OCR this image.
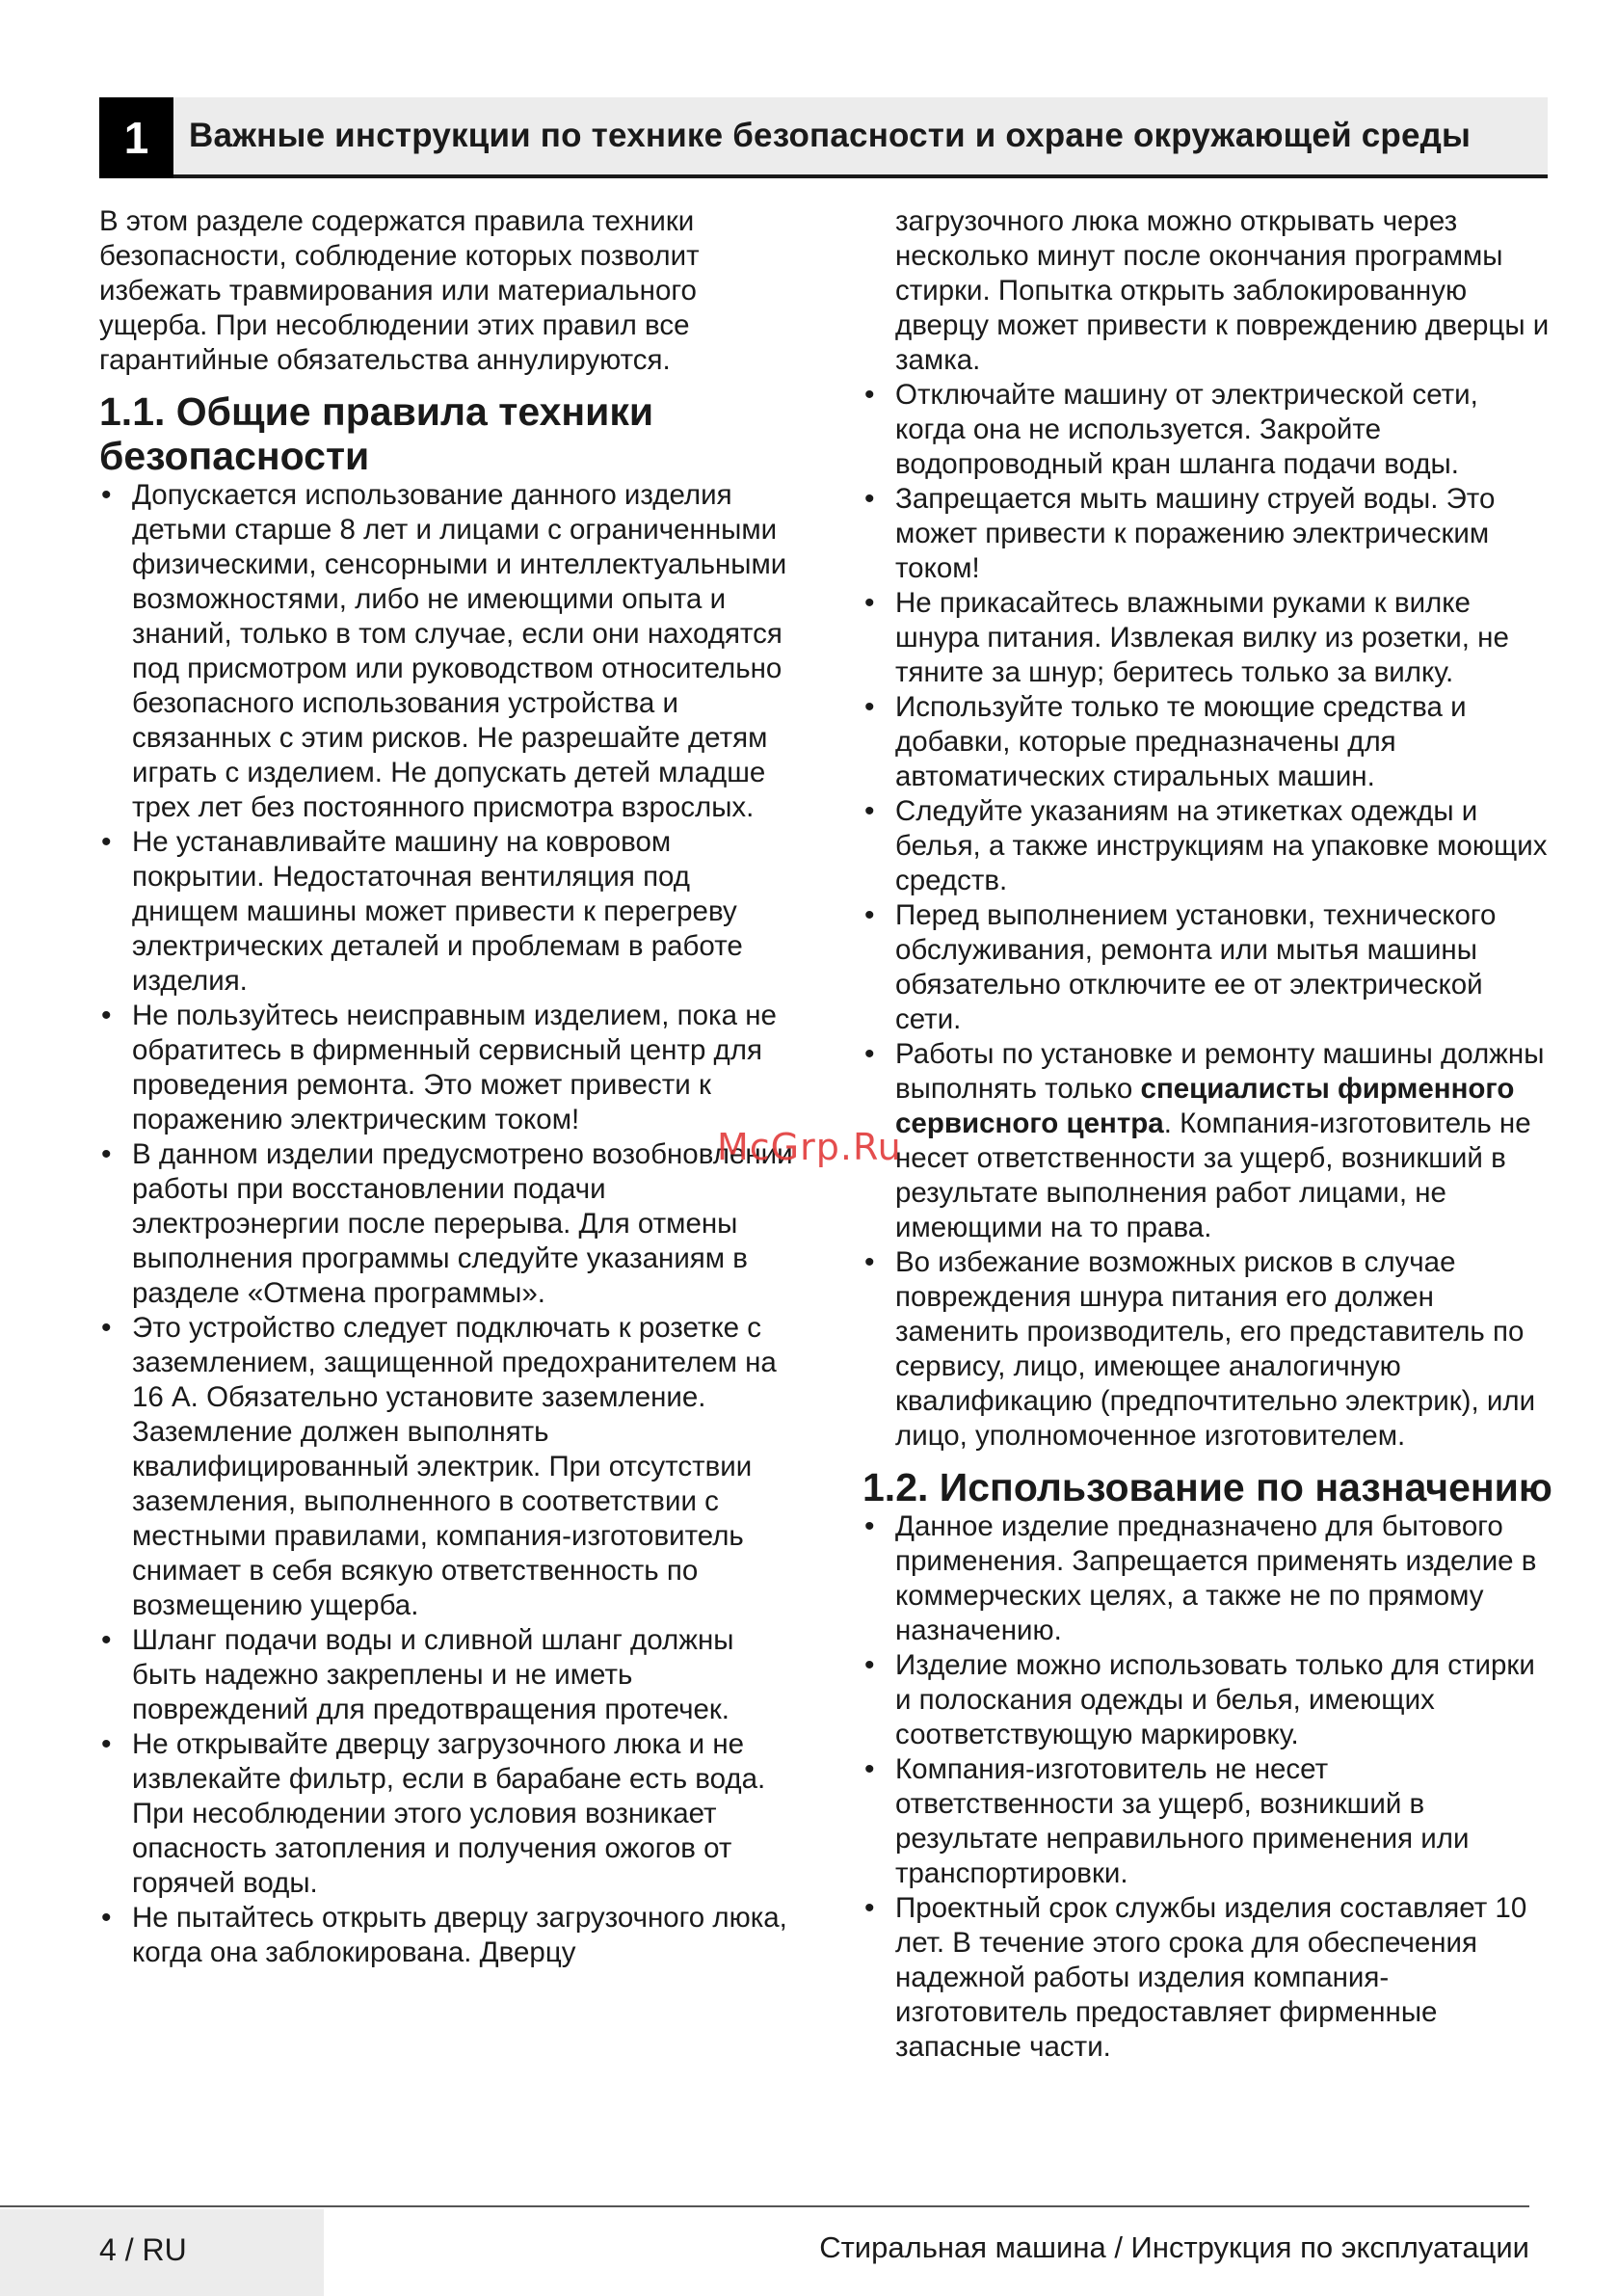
1	Важные инструкции по технике безопасности и охране окружающей среды

В этом разделе содержатся правила техники безопасности, соблюдение которых позволит избежать травмирования или материального ущерба. При несоблюдении этих правил все гарантийные обязательства аннулируются.

1.1. Общие правила техники безопасности
• Допускается использование данного изделия детьми старше 8 лет и лицами с ограниченными физическими, сенсорными и интеллектуальными возможностями, либо не имеющими опыта и знаний, только в том случае, если они находятся под присмотром или руководством относительно безопасного использования устройства и связанных с этим рисков. Не разрешайте детям играть с изделием. Не допускать детей младше трех лет без постоянного присмотра взрослых.
• Не устанавливайте машину на ковровом покрытии. Недостаточная вентиляция под днищем машины может привести к перегреву электрических деталей и проблемам в работе изделия.
• Не пользуйтесь неисправным изделием, пока не обратитесь в фирменный сервисный центр для проведения ремонта. Это может привести к поражению электрическим током!
• В данном изделии предусмотрено возобновлении работы при восстановлении подачи электроэнергии после перерыва. Для отмены выполнения программы следуйте указаниям в разделе «Отмена программы».
• Это устройство следует подключать к розетке с заземлением, защищенной предохранителем на 16 А. Обязательно установите заземление. Заземление должен выполнять квалифицированный электрик. При отсутствии заземления, выполненного в соответствии с местными правилами, компания-изготовитель снимает в себя всякую ответственность по возмещению ущерба.
• Шланг подачи воды и сливной шланг должны быть надежно закреплены и не иметь повреждений для предотвращения протечек.
• Не открывайте дверцу загрузочного люка и не извлекайте фильтр, если в барабане есть вода. При несоблюдении этого условия возникает опасность затопления и получения ожогов от горячей воды.
• Не пытайтесь открыть дверцу загрузочного люка, когда она заблокирована. Дверцу
загрузочного люка можно открывать через несколько минут после окончания программы стирки. Попытка открыть заблокированную дверцу может привести к повреждению дверцы и замка.
• Отключайте машину от электрической сети, когда она не используется. Закройте водопроводный кран шланга подачи воды.
• Запрещается мыть машину струей воды. Это может привести к поражению электрическим током!
• Не прикасайтесь влажными руками к вилке шнура питания. Извлекая вилку из розетки, не тяните за шнур; беритесь только за вилку.
• Используйте только те моющие средства и добавки, которые предназначены для автоматических стиральных машин.
• Следуйте указаниям на этикетках одежды и белья, а также инструкциям на упаковке моющих средств.
• Перед выполнением установки, технического обслуживания, ремонта или мытья машины обязательно отключите ее от электрической сети.
• Работы по установке и ремонту машины должны выполнять только специалисты фирменного сервисного центра. Компания-изготовитель не несет ответственности за ущерб, возникший в результате выполнения работ лицами, не имеющими на то права.
• Во избежание возможных рисков в случае повреждения шнура питания его должен заменить производитель, его представитель по сервису, лицо, имеющее аналогичную квалификацию (предпочтительно электрик), или лицо, уполномоченное изготовителем.
1.2. Использование по назначению
• Данное изделие предназначено для бытового применения. Запрещается применять изделие в коммерческих целях, а также не по прямому назначению.
• Изделие можно использовать только для стирки и полоскания одежды и белья, имеющих соответствующую маркировку.
• Компания-изготовитель не несет ответственности за ущерб, возникший в результате неправильного применения или транспортировки.
• Проектный срок службы изделия составляет 10 лет. В течение этого срока для обеспечения надежной работы изделия компания-изготовитель предоставляет фирменные запасные части.
McGrp.Ru
4 / RU	Стиральная машина / Инструкция по эксплуатации
